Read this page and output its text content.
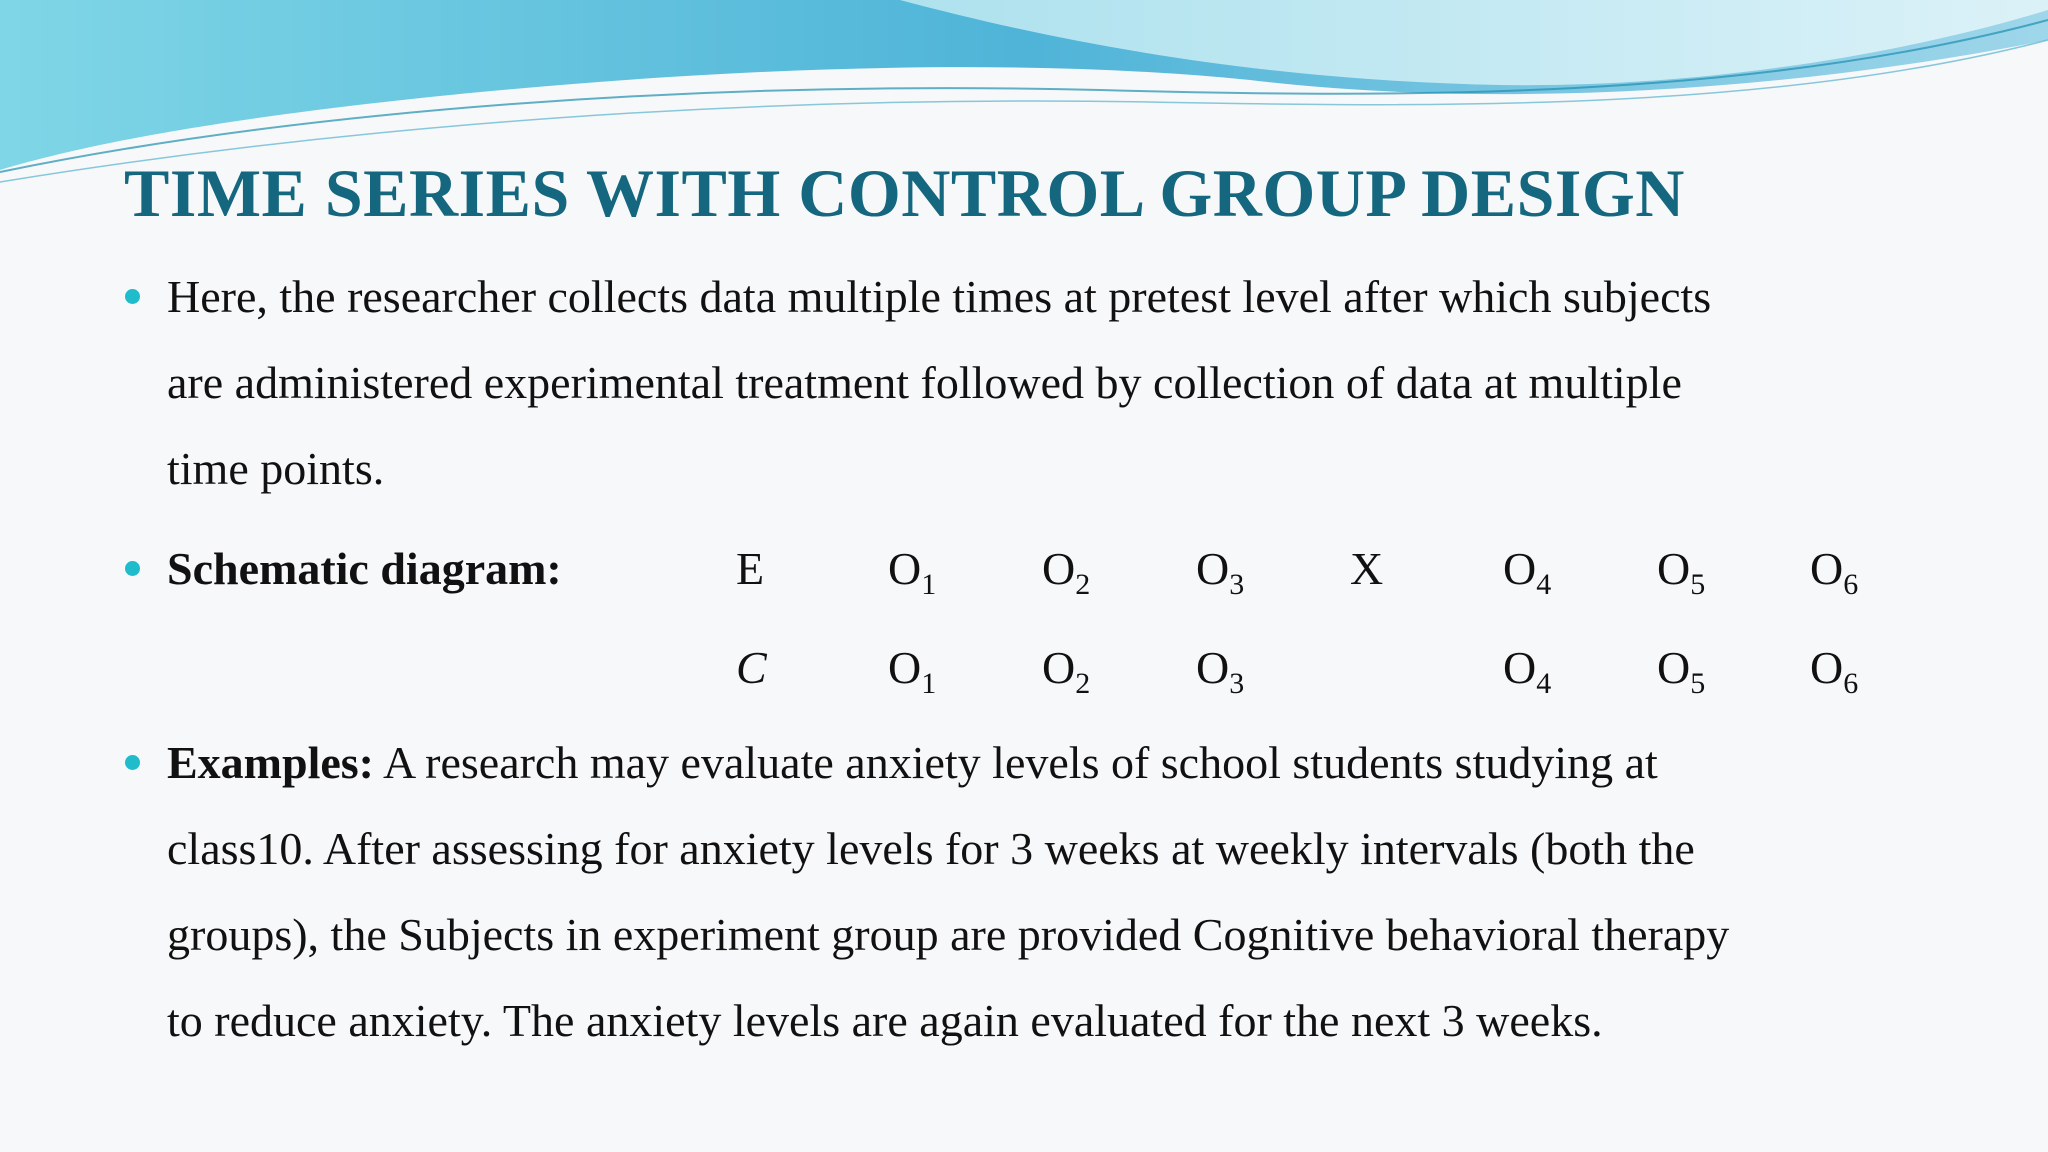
TIME SERIES WITH CONTROL GROUP DESIGN

Here, the researcher collects data multiple times at pretest level after which subjects
are administered experimental treatment followed by collection of data at multiple
time points.

Schematic diagram:	E	$O_1$ $O_2$ $O_3$ X	$O_4$ $O_5$ $O_6$
C	$O_1$ $O_2$ $O_3$	$O_4$ $O_5$ $O_6$

Examples: A research may evaluate anxiety levels of school students studying at
class10. After assessing for anxiety levels for 3 weeks at weekly intervals (both the
groups), the Subjects in experiment group are provided Cognitive behavioral therapy
to reduce anxiety. The anxiety levels are again evaluated for the next 3 weeks.
